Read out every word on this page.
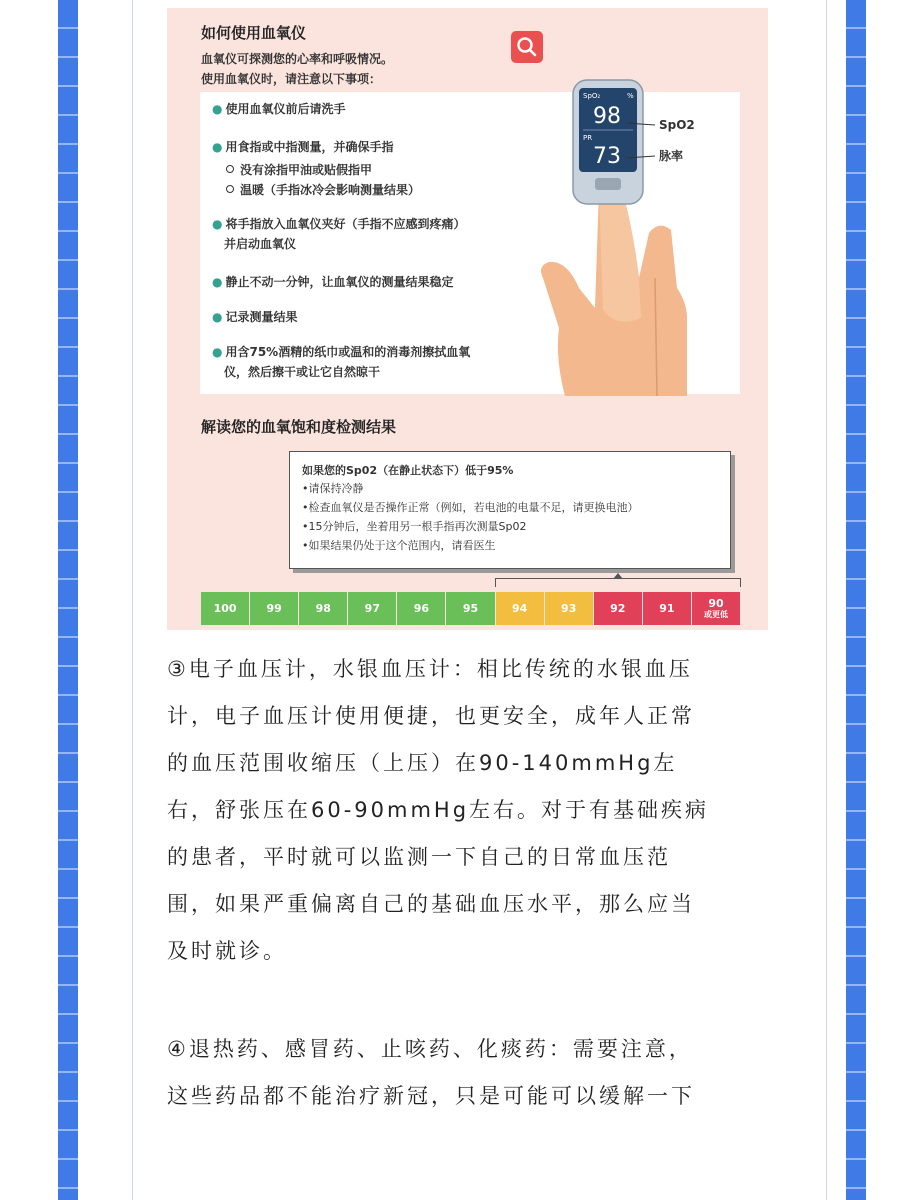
如何使用血氧仪
血氧仪可探测您的心率和呼吸情况。
使用血氧仪时，请注意以下事项：
● 使用血氧仪前后请洗手
● 用食指或中指测量，并确保手指
没有涂指甲油或贴假指甲
温暖（手指冰冷会影响测量结果）
● 将手指放入血氧仪夹好（手指不应感到疼痛）
并启动血氧仪
● 静止不动一分钟，让血氧仪的测量结果稳定
● 记录测量结果
● 用含75%酒精的纸巾或温和的消毒剂擦拭血氧
仪，然后擦干或让它自然晾干
SpO₂	%
98
PR
73
SpO2
脉率
解读您的血氧饱和度检测结果
如果您的Sp02（在静止状态下）低于95%
•请保持冷静
•检查血氧仪是否操作正常（例如，若电池的电量不足，请更换电池）
•15分钟后，坐着用另一根手指再次测量Sp02
•如果结果仍处于这个范围内，请看医生
100	99	98	97	96	95	94	93	92	91	90
或更低
③电子血压计，水银血压计：相比传统的水银血压
计，电子血压计使用便捷，也更安全，成年人正常
的血压范围收缩压（上压）在90-140mmHg左
右，舒张压在60-90mmHg左右。对于有基础疾病
的患者，平时就可以监测一下自己的日常血压范
围，如果严重偏离自己的基础血压水平，那么应当
及时就诊。
④退热药、感冒药、止咳药、化痰药：需要注意，
这些药品都不能治疗新冠，只是可能可以缓解一下
